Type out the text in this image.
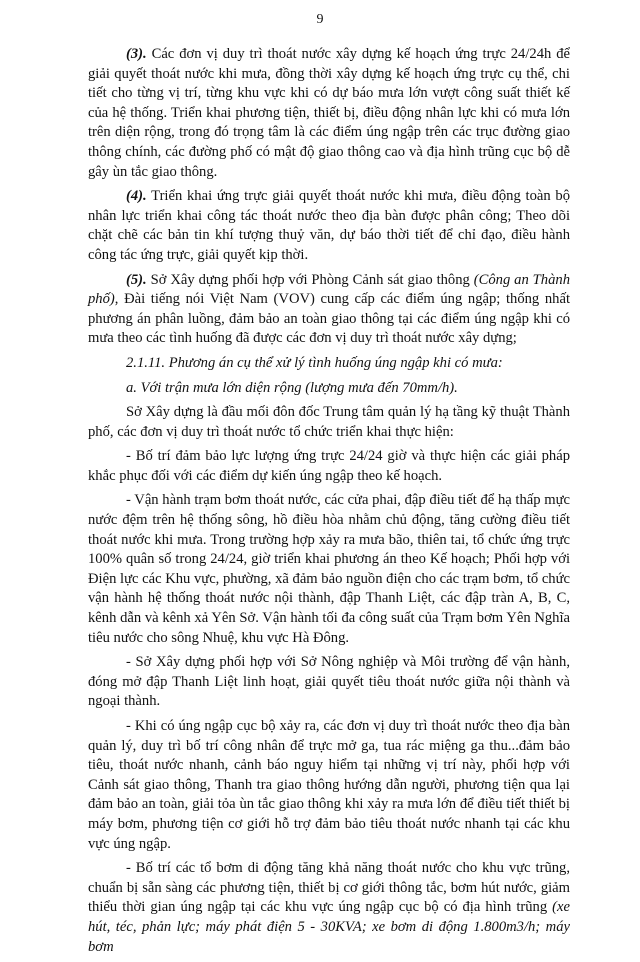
9

(3). Các đơn vị duy trì thoát nước xây dựng kế hoạch ứng trực 24/24h để giải quyết thoát nước khi mưa, đồng thời xây dựng kế hoạch ứng trực cụ thể, chi tiết cho từng vị trí, từng khu vực khi có dự báo mưa lớn vượt công suất thiết kế của hệ thống. Triển khai phương tiện, thiết bị, điều động nhân lực khi có mưa lớn trên diện rộng, trong đó trọng tâm là các điểm úng ngập trên các trục đường giao thông chính, các đường phố có mật độ giao thông cao và địa hình trũng cục bộ dễ gây ùn tắc giao thông.

(4). Triển khai ứng trực giải quyết thoát nước khi mưa, điều động toàn bộ nhân lực triển khai công tác thoát nước theo địa bàn được phân công; Theo dõi chặt chẽ các bản tin khí tượng thuỷ văn, dự báo thời tiết để chỉ đạo, điều hành công tác ứng trực, giải quyết kịp thời.

(5). Sở Xây dựng phối hợp với Phòng Cảnh sát giao thông (Công an Thành phố), Đài tiếng nói Việt Nam (VOV) cung cấp các điểm úng ngập; thống nhất phương án phân luồng, đảm bảo an toàn giao thông tại các điểm úng ngập khi có mưa theo các tình huống đã được các đơn vị duy trì thoát nước xây dựng;

2.1.11. Phương án cụ thể xử lý tình huống úng ngập khi có mưa:

a. Với trận mưa lớn diện rộng (lượng mưa đến 70mm/h).

Sở Xây dựng là đầu mối đôn đốc Trung tâm quản lý hạ tầng kỹ thuật Thành phố, các đơn vị duy trì thoát nước tổ chức triển khai thực hiện:

- Bố trí đảm bảo lực lượng ứng trực 24/24 giờ và thực hiện các giải pháp khắc phục đối với các điểm dự kiến úng ngập theo kế hoạch.

- Vận hành trạm bơm thoát nước, các cửa phai, đập điều tiết để hạ thấp mực nước đệm trên hệ thống sông, hồ điều hòa nhằm chủ động, tăng cường điều tiết thoát nước khi mưa. Trong trường hợp xảy ra mưa bão, thiên tai, tổ chức ứng trực 100% quân số trong 24/24, giờ triển khai phương án theo Kế hoạch; Phối hợp với Điện lực các Khu vực, phường, xã đảm bảo nguồn điện cho các trạm bơm, tổ chức vận hành hệ thống thoát nước nội thành, đập Thanh Liệt, các đập tràn A, B, C, kênh dẫn và kênh xả Yên Sở. Vận hành tối đa công suất của Trạm bơm Yên Nghĩa tiêu nước cho sông Nhuệ, khu vực Hà Đông.

- Sở Xây dựng phối hợp với Sở Nông nghiệp và Môi trường để vận hành, đóng mở đập Thanh Liệt linh hoạt, giải quyết tiêu thoát nước giữa nội thành và ngoại thành.

- Khi có úng ngập cục bộ xảy ra, các đơn vị duy trì thoát nước theo địa bàn quản lý, duy trì bố trí công nhân để trực mở ga, tua rác miệng ga thu...đảm bảo tiêu, thoát nước nhanh, cảnh báo nguy hiểm tại những vị trí này, phối hợp với Cảnh sát giao thông, Thanh tra giao thông hướng dẫn người, phương tiện qua lại đảm bảo an toàn, giải tỏa ùn tắc giao thông khi xảy ra mưa lớn để điều tiết thiết bị máy bơm, phương tiện cơ giới hỗ trợ đảm bảo tiêu thoát nước nhanh tại các khu vực úng ngập.

- Bố trí các tổ bơm di động tăng khả năng thoát nước cho khu vực trũng, chuẩn bị sẵn sàng các phương tiện, thiết bị cơ giới thông tắc, bơm hút nước, giảm thiểu thời gian úng ngập tại các khu vực úng ngập cục bộ có địa hình trũng (xe hút, téc, phản lực; máy phát điện 5 - 30KVA; xe bơm di động 1.800m3/h; máy bơm
